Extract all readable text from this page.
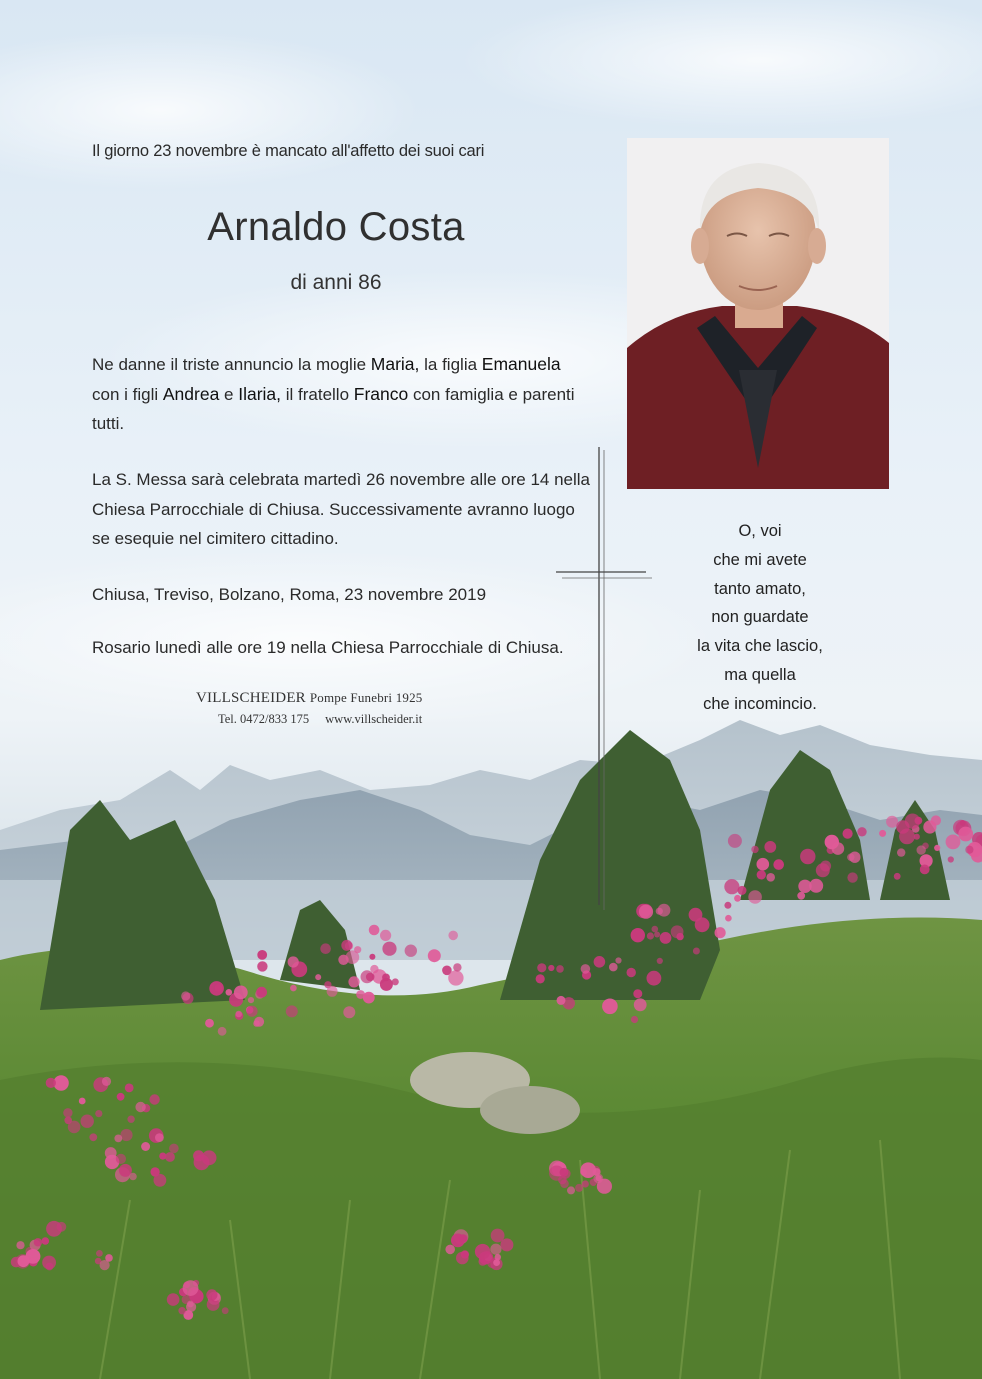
Il giorno 23 novembre è mancato all'affetto dei suoi cari

Arnaldo Costa

di anni 86

Ne danne il triste annuncio la moglie Maria, la figlia Emanuela con i figli Andrea e Ilaria, il fratello Franco con famiglia e parenti tutti.

La S. Messa sarà celebrata martedì 26 novembre alle ore 14 nella Chiesa Parrocchiale di Chiusa. Successivamente avranno luogo se esequie nel cimitero cittadino.

Chiusa, Treviso, Bolzano, Roma, 23 novembre 2019

Rosario lunedì alle ore 19 nella Chiesa Parrocchiale di Chiusa.

VILLSCHEIDER Pompe Funebri 1925
Tel. 0472/833 175 www.villscheider.it
O, voi
che mi avete
tanto amato,
non guardate
la vita che lascio,
ma quella
che incomincio.
